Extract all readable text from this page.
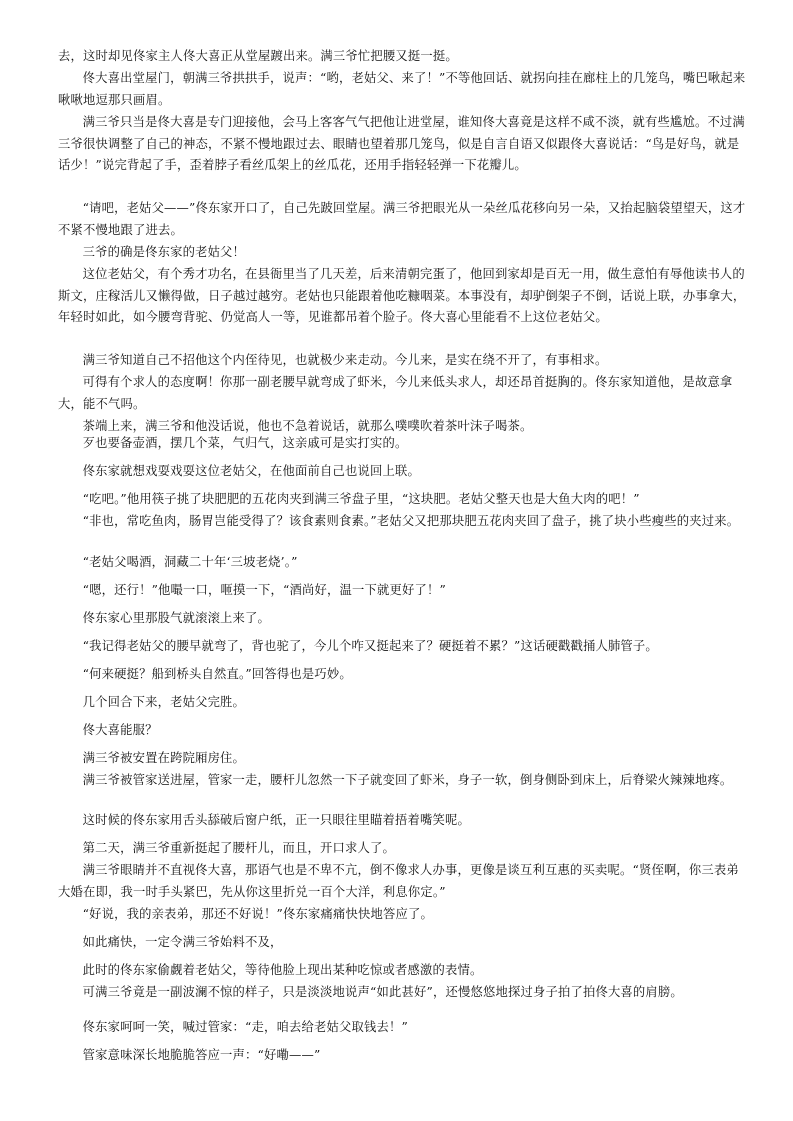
去，这时却见佟家主人佟大喜正从堂屋踱出来。满三爷忙把腰又挺一挺。

佟大喜出堂屋门，朝满三爷拱拱手，说声：“哟，老姑父、来了！”不等他回话、就拐向挂在廊柱上的几笼鸟，嘴巴啾起来啾啾地逗那只画眉。

满三爷只当是佟大喜是专门迎接他，会马上客客气气把他让进堂屋，谁知佟大喜竟是这样不咸不淡，就有些尴尬。不过满三爷很快调整了自己的神态，不紧不慢地跟过去、眼睛也望着那几笼鸟，似是自言自语又似跟佟大喜说话：“鸟是好鸟，就是话少！”说完背起了手，歪着脖子看丝瓜架上的丝瓜花，还用手指轻轻弹一下花瓣儿。

“请吧，老姑父——”佟东家开口了，自己先跛回堂屋。满三爷把眼光从一朵丝瓜花移向另一朵，又抬起脑袋望望天，这才不紧不慢地跟了进去。

三爷的确是佟东家的老姑父！

这位老姑父，有个秀才功名，在县衙里当了几天差，后来清朝完蛋了，他回到家却是百无一用，做生意怕有辱他读书人的斯文，庄稼活儿又懒得做，日子越过越穷。老姑也只能跟着他吃糠咽菜。本事没有，却驴倒架子不倒，话说上联，办事拿大，年轻时如此，如今腰弯背驼、仍觉高人一等，见谁都吊着个脸子。佟大喜心里能看不上这位老姑父。

满三爷知道自己不招他这个内侄待见，也就极少来走动。今儿来，是实在绕不开了，有事相求。

可得有个求人的态度啊！你那一副老腰早就弯成了虾米，今儿来低头求人，却还昂首挺胸的。佟东家知道他，是故意拿大，能不气吗。

茶端上来，满三爷和他没话说，他也不急着说话，就那么噗噗吹着茶叶沫子喝茶。

歹也要备壶酒，摆几个菜，气归气，这亲戚可是实打实的。

佟东家就想戏耍戏耍这位老姑父，在他面前自己也说回上联。

“吃吧。”他用筷子挑了块肥肥的五花肉夹到满三爷盘子里，“这块肥。老姑父整天也是大鱼大肉的吧！”

“非也，常吃鱼肉，肠胃岂能受得了？该食素则食素。”老姑父又把那块肥五花肉夹回了盘子，挑了块小些瘦些的夹过来。

“老姑父喝酒，洞藏二十年‘三坡老烧’。”

“嗯，还行！”他嘬一口，咂摸一下，“酒尚好，温一下就更好了！”

佟东家心里那股气就滚滚上来了。

“我记得老姑父的腰早就弯了，背也驼了，今儿个咋又挺起来了？硬挺着不累？”这话硬戳戳捅人肺管子。

“何来硬挺？船到桥头自然直。”回答得也是巧妙。

几个回合下来，老姑父完胜。

佟大喜能服？

满三爷被安置在跨院厢房住。

满三爷被管家送进屋，管家一走，腰杆儿忽然一下子就变回了虾米，身子一软，倒身侧卧到床上，后脊梁火辣辣地疼。

这时候的佟东家用舌头舔破后窗户纸，正一只眼往里瞄着捂着嘴笑呢。

第二天，满三爷重新挺起了腰杆儿，而且，开口求人了。

满三爷眼睛并不直视佟大喜，那语气也是不卑不亢，倒不像求人办事，更像是谈互利互惠的买卖呢。“贤侄啊，你三表弟大婚在即，我一时手头紧巴，先从你这里折兑一百个大洋，利息你定。”

“好说，我的亲表弟，那还不好说！”佟东家痛痛快快地答应了。

如此痛快，一定令满三爷始料不及，

此时的佟东家偷觑着老姑父，等待他脸上现出某种吃惊或者感激的表情。

可满三爷竟是一副波澜不惊的样子，只是淡淡地说声“如此甚好”，还慢悠悠地探过身子拍了拍佟大喜的肩膀。

佟东家呵呵一笑，喊过管家：“走，咱去给老姑父取钱去！”

管家意味深长地脆脆答应一声：“好嘞——”
